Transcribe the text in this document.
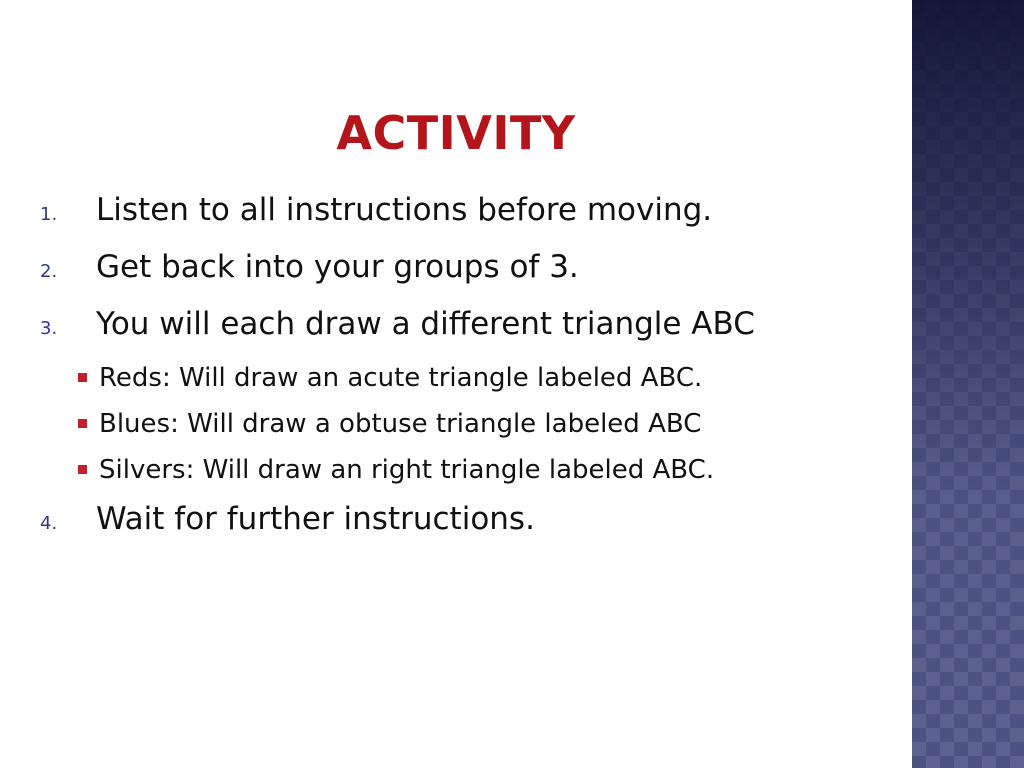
ACTIVITY
1.	Listen to all instructions before moving.
2.	Get back into your groups of 3.
3.	You will each draw a different triangle ABC
Reds: Will draw an acute triangle labeled ABC.
Blues: Will draw a obtuse triangle labeled ABC
Silvers: Will draw an right triangle labeled ABC.
4.	Wait for further instructions.
